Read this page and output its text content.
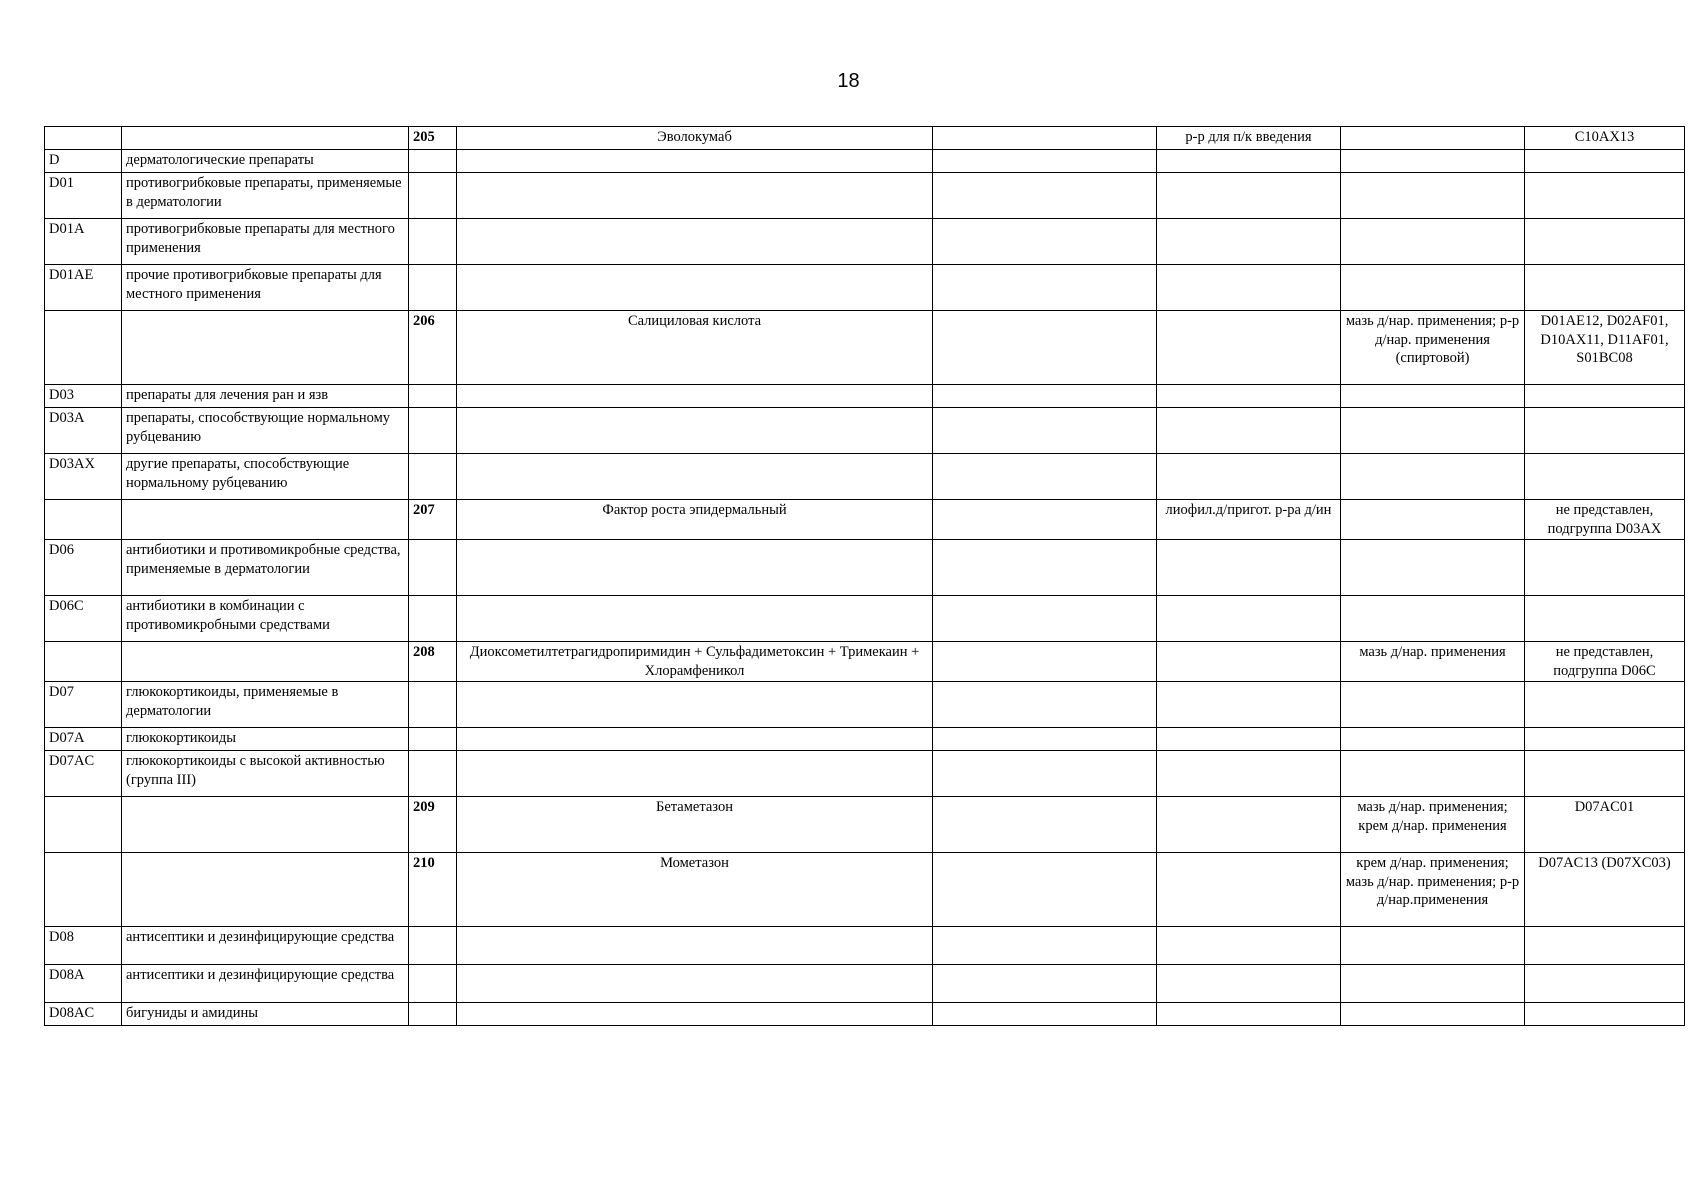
18
		205	Эволокумаб		р-р для п/к введения		C10AX13
D	дерматологические препараты						
D01	противогрибковые препараты, применяемые в дерматологии						
D01A	противогрибковые препараты для местного применения						
D01AE	прочие противогрибковые препараты для местного применения						
		206	Салициловая кислота			мазь д/нар. применения; р-р д/нар. применения (спиртовой)	D01AE12, D02AF01, D10AX11, D11AF01, S01BC08
D03	препараты для лечения ран и язв						
D03A	препараты, способствующие нормальному рубцеванию						
D03AX	другие препараты, способствующие нормальному рубцеванию						
		207	Фактор роста эпидермальный		лиофил.д/пригот. р-ра д/ин		не представлен, подгруппа D03AX
D06	антибиотики и противомикробные средства, применяемые в дерматологии						
D06C	антибиотики в комбинации с противомикробными средствами						
		208	Диоксометилтетрагидропиримидин + Сульфадиметоксин + Тримекаин + Хлорамфеникол			мазь д/нар. применения	не представлен, подгруппа D06C
D07	глюкокортикоиды, применяемые в дерматологии						
D07A	глюкокортикоиды						
D07AC	глюкокортикоиды с высокой активностью (группа III)						
		209	Бетаметазон			мазь д/нар. применения; крем д/нар. применения	D07AC01
		210	Мометазон			крем д/нар. применения; мазь д/нар. применения; р-р д/нар.применения	D07AC13 (D07XC03)
D08	антисептики и дезинфицирующие средства						
D08A	антисептики и дезинфицирующие средства						
D08AC	бигуниды и амидины						
